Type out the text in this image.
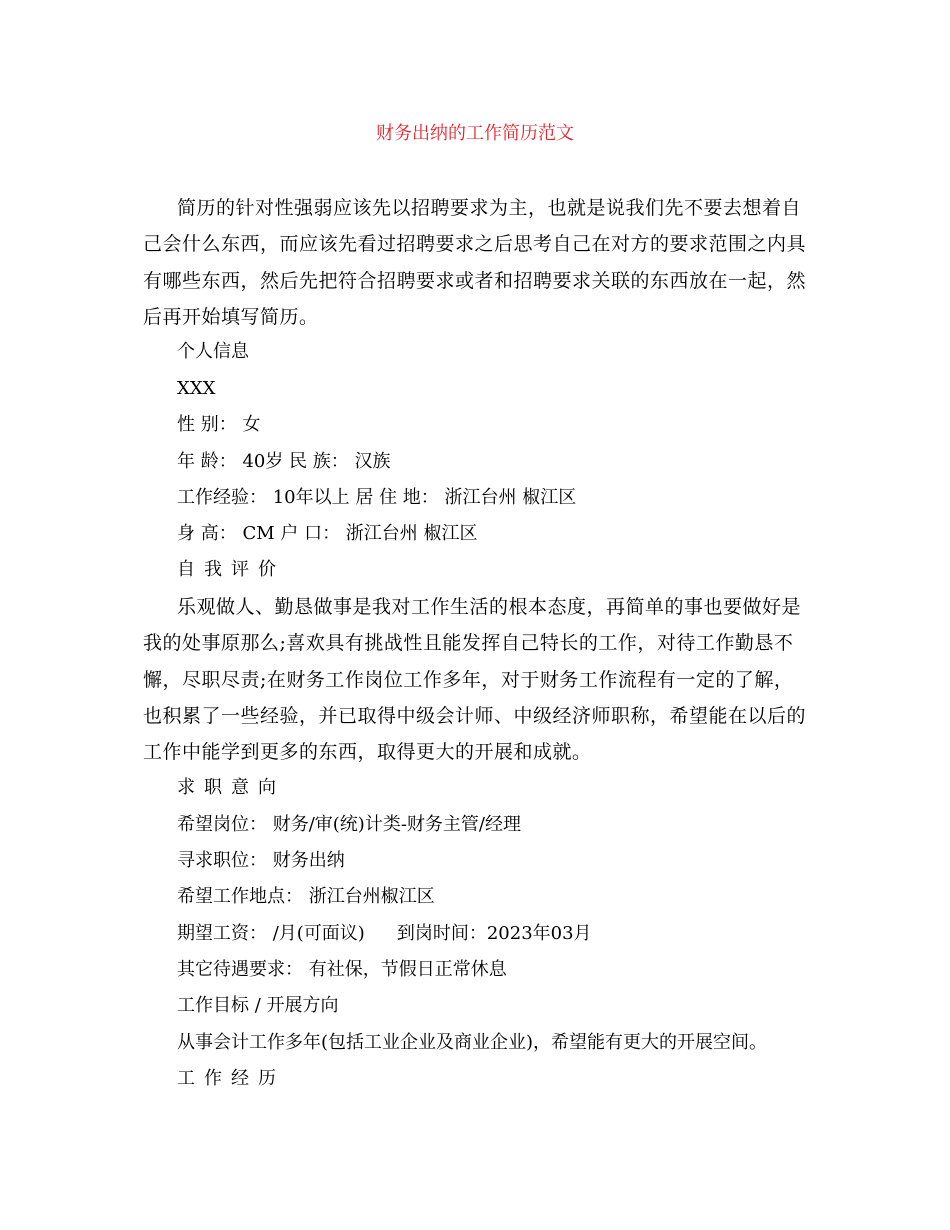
财务出纳的工作简历范文

简历的针对性强弱应该先以招聘要求为主，也就是说我们先不要去想着自己会什么东西，而应该先看过招聘要求之后思考自己在对方的要求范围之内具有哪些东西，然后先把符合招聘要求或者和招聘要求关联的东西放在一起，然后再开始填写简历。

个人信息
XXX
性 别： 女
年 龄： 40岁 民 族： 汉族
工作经验： 10年以上 居 住 地： 浙江台州 椒江区
身 高： CM 户 口： 浙江台州 椒江区
自我评价

乐观做人、勤恳做事是我对工作生活的根本态度，再简单的事也要做好是我的处事原那么;喜欢具有挑战性且能发挥自己特长的工作，对待工作勤恳不懈，尽职尽责;在财务工作岗位工作多年，对于财务工作流程有一定的了解，也积累了一些经验，并已取得中级会计师、中级经济师职称，希望能在以后的工作中能学到更多的东西，取得更大的开展和成就。

求职意向
希望岗位： 财务/审(统)计类-财务主管/经理
寻求职位： 财务出纳
希望工作地点： 浙江台州椒江区
期望工资： /月(可面议) 到岗时间：2023年03月
其它待遇要求： 有社保，节假日正常休息
工作目标 / 开展方向
从事会计工作多年(包括工业企业及商业企业)，希望能有更大的开展空间。
工作经历
